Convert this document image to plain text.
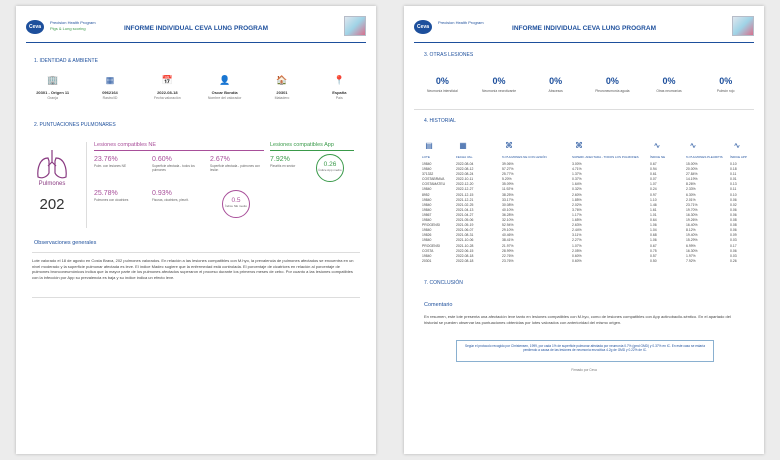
Ceva
Precision Health Program
Pigs & Lung scoring	INFORME INDIVIDUAL CEVA LUNG PROGRAM
1. IDENTIDAD & AMBIENTE
🏢
20301 - Origen 11
Granja
▦
0962164
Rastro/ID
📅
2022-08-18
Fecha valoración
👤
Oscar Bondía
Nombre del valorador
🏠
20301
Matadero
📍
España
País
2. PUNTUACIONES PULMONARES
Pulmones
202
Lesiones compatibles NE
23.76%
Pulm. con lesiones NE
0.60%
Superficie afectada - todos los pulmones
2.67%
Superficie afectada - pulmones con lesión
25.78%
Pulmones con cicatrices
0.93%
Fisuras, cicatrices, pleurit.	0.5
Índice NE medio
Lesiones compatibles App
7.92%
Pleuritis en sector	0.26
Índice App medio
Observaciones generales
Lote valorado el 18 de agosto en Costa Brava, 202 pulmones valorados. En relación a las lesiones compatibles con M.hyo, la prevalencia de pulmones afectados se encuentra en un nivel moderado y la superficie pulmonar afectada es leve. El índice Madec sugiere que la enfermedad está controlada. El porcentaje de cicatrices en relación al porcentaje de pulmones bronconeumónicos indica que la mayor parte de los pulmones afectados superaron el proceso durante los primeros meses de cebo. Por cuanto a las lesiones compatibles con la infección por App su prevalencia es baja y su índice indica un efecto leve.
Ceva
Precision Health Program
INFORME INDIVIDUAL CEVA LUNG PROGRAM
3. OTRAS LESIONES
0%
Neumonía intersticial
0%
Neumonía necrotizante
0%
Abscesos
0%
Pleuroneumonía aguda
0%
Otras neumonías
0%
Pulmón rojo
4. HISTORIAL
▤	▦	⌘	⌘	∿	∿	∿
LOTE	FECHA VAL.	% PULMONES NE CON LESIÓN	SUPERF. AFECTADA - TODOS LOS PULMONES	ÍNDICE NE	% PULMONES PLEURITIS ÍNDICE APP
19840	2022-08-04	39.06%	3.00%	0.67	15.00%	0.10
19840	2022-08-12	57.27%	4.71%	0.94	20.00%	0.18
371332	2022-08-24	25.77%	1.37%	0.61	27.84%	0.11
COSTABRAVA	2022-10-11	5.20%	0.37%	0.07	14.19%	0.01
COSTAMATEU	2022-12-20	35.09%	1.64%	1.07	8.26%	0.13
19840	2022-12-27	11.92%	0.32%	0.24	2.33%	0.11
8952	2021-12-15	38.25%	2.60%	0.97	6.30%	0.10
19840	2021-12-21	33.17%	1.85%	1.10	2.01%	0.06
19840	2021-02-25	30.08%	2.02%	1.46	23.71%	0.02
19840	2021-04-13	40.10%	3.76%	1.61	19.70%	0.06
19867	2021-04-27	36.28%	1.17%	1.01	16.30%	0.06
19840	2021-05-06	32.10%	1.65%	0.64	19.26%	0.08
PROGENSI	2021-05-19	52.94%	2.63%	1.06	16.40%	0.08
19840	2021-06-07	29.10%	2.44%	1.04	8.12%	0.06
19826	2021-08-31	40.46%	3.11%	0.68	19.40%	0.09
19840	2021-10-06	38.41%	2.27%	1.06	15.29%	0.03
PROGENSI	2021-10-28	21.97%	1.07%	0.67	6.99%	0.17
COSTA	2022-06-15	28.99%	2.05%	0.75	16.30%	0.06
19840	2022-08-18	22.76%	0.60%	0.57	1.97%	0.03
20301	2022-08-18	23.76%	0.60%	0.50	7.92%	0.26
Comentario
7. CONCLUSIÓN
En resumen, este lote presenta una afectación leve tanto en lesiones compatibles con M.hyo, como de lesiones compatibles con App actinobacilo-séntico. En el apartado del historial se pueden observar las puntuaciones obtenidas por lotes valorados con anterioridad del mismo origen.
Según el protocolo recogido por Christensen, 1999, por cada 1% de superficie pulmonar afectada por neumonía 0.7% (gmd GMD) y 0.37% en IC. En este caso se estaría perdiendo a causa de las lesiones de neumonía enzoótica 4.2g de GMD y 0.22% de IC.
Firmado por Ceva
